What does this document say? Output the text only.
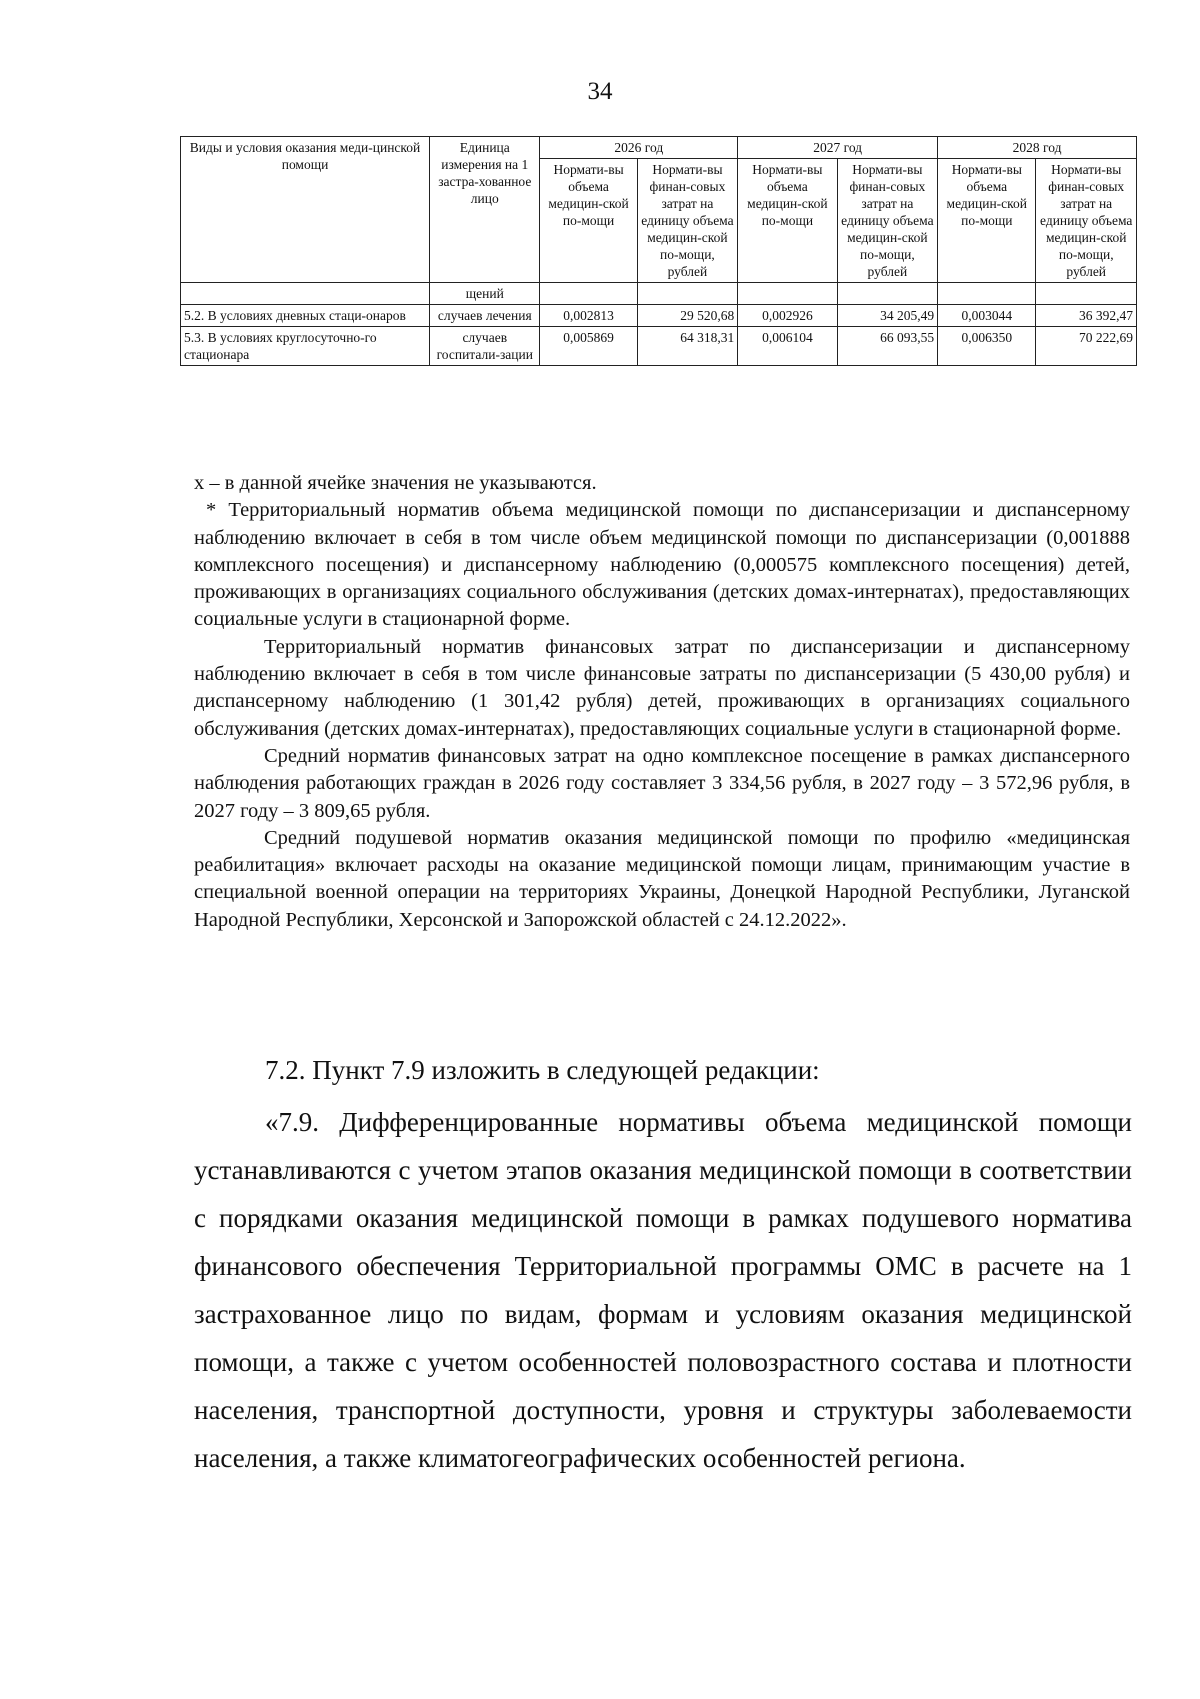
34
Виды и условия оказания меди-цинской помощи	Единица измерения на 1 застра-хованное лицо	2026 год		2027 год		2028 год	
		Нормати-вы объема медицин-ской по-мощи	Нормати-вы финан-совых затрат на единицу объема медицин-ской по-мощи, рублей	Нормати-вы объема медицин-ской по-мощи	Нормати-вы финан-совых затрат на единицу объема медицин-ской по-мощи, рублей	Нормати-вы объема медицин-ской по-мощи	Нормати-вы финан-совых затрат на единицу объема медицин-ской по-мощи, рублей
	щений						
5.2. В условиях дневных стаци-онаров	случаев лечения	0,002813	29 520,68	0,002926	34 205,49	0,003044	36 392,47
5.3. В условиях круглосуточно-го стационара	случаев госпитали-зации	0,005869	64 318,31	0,006104	66 093,55	0,006350	70 222,69

х – в данной ячейке значения не указываются.

* Территориальный норматив объема медицинской помощи по диспансеризации и диспансерному наблюдению включает в себя в том числе объем медицинской помощи по диспансеризации (0,001888 комплексного посещения) и диспансерному наблюдению (0,000575 комплексного посещения) детей, проживающих в организациях социального обслуживания (детских домах-интернатах), предоставляющих социальные услуги в стационарной форме.

Территориальный норматив финансовых затрат по диспансеризации и диспансерному наблюдению включает в себя в том числе финансовые затраты по диспансеризации (5 430,00 рубля) и диспансерному наблюдению (1 301,42 рубля) детей, проживающих в организациях социального обслуживания (детских домах-интернатах), предоставляющих социальные услуги в стационарной форме.

Средний норматив финансовых затрат на одно комплексное посещение в рамках диспансерного наблюдения работающих граждан в 2026 году составляет 3 334,56 рубля, в 2027 году – 3 572,96 рубля, в 2027 году – 3 809,65 рубля.

Средний подушевой норматив оказания медицинской помощи по профилю «медицинская реабилитация» включает расходы на оказание медицинской помощи лицам, принимающим участие в специальной военной операции на территориях Украины, Донецкой Народной Республики, Луганской Народной Республики, Херсонской и Запорожской областей с 24.12.2022».

7.2. Пункт 7.9 изложить в следующей редакции:

«7.9. Дифференцированные нормативы объема медицинской помощи устанавливаются с учетом этапов оказания медицинской помощи в соответствии с порядками оказания медицинской помощи в рамках подушевого норматива финансового обеспечения Территориальной программы ОМС в расчете на 1 застрахованное лицо по видам, формам и условиям оказания медицинской помощи, а также с учетом особенностей половозрастного состава и плотности населения, транспортной доступности, уровня и структуры заболеваемости населения, а также климатогеографических особенностей региона.
